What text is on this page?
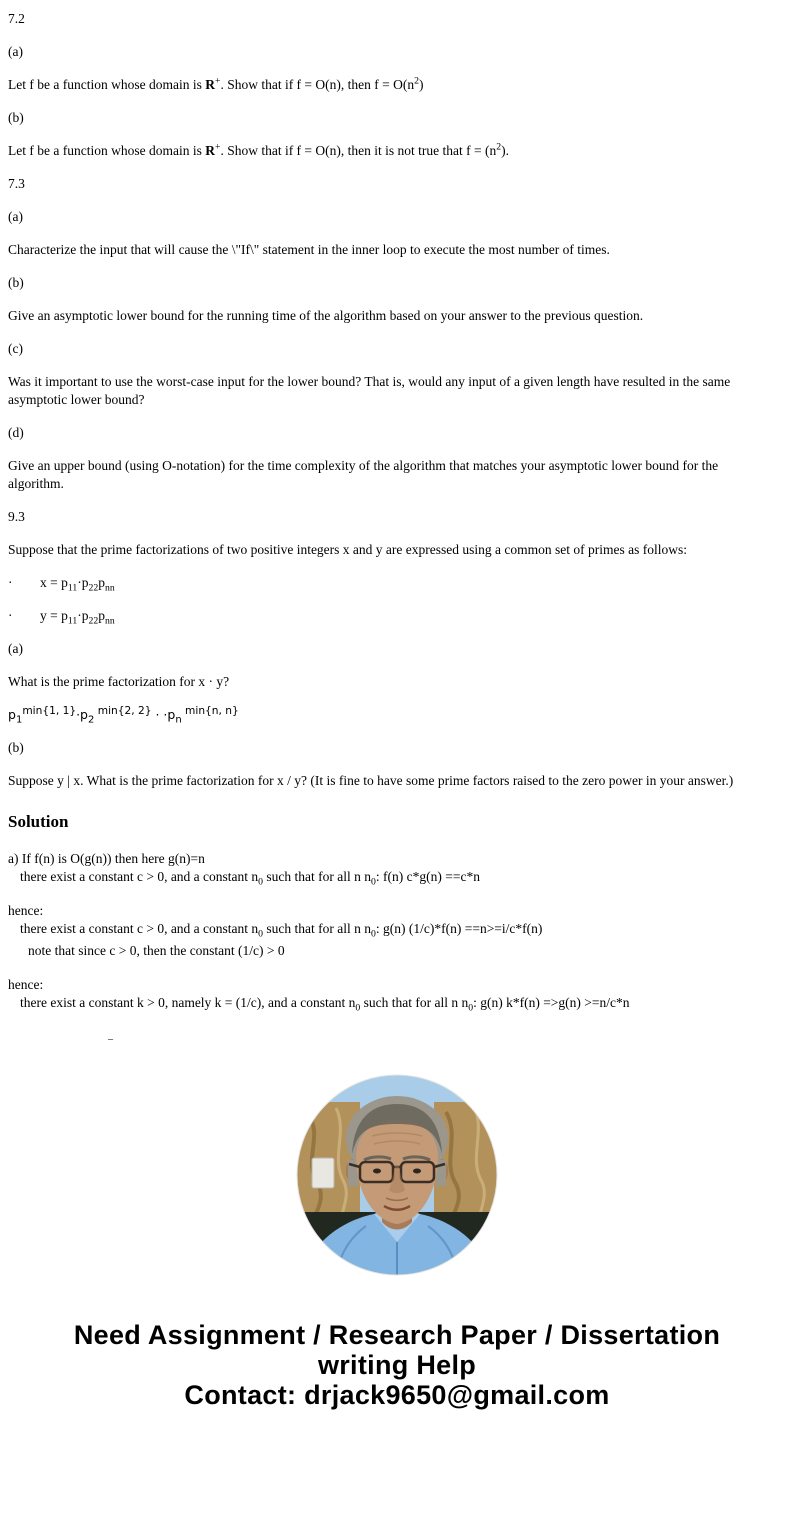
7.2
(a)
Let f be a function whose domain is R+. Show that if f = O(n), then $f = O(n^2)$
(b)
Let f be a function whose domain is R+. Show that if f = O(n), then it is not true that $f = (n^2)$.
7.3
(a)
Characterize the input that will cause the \"If\" statement in the inner loop to execute the most number of times.
(b)
Give an asymptotic lower bound for the running time of the algorithm based on your answer to the previous question.
(c)
Was it important to use the worst-case input for the lower bound? That is, would any input of a given length have resulted in the same asymptotic lower bound?
(d)
Give an upper bound (using O-notation) for the time complexity of the algorithm that matches your asymptotic lower bound for the algorithm.
9.3
Suppose that the prime factorizations of two positive integers x and y are expressed using a common set of primes as follows:
·	$x = p_{11}\cdot p_{22}p_{nn}$
·	$y = p_{11}\cdot p_{22}p_{nn}$
(a)
What is the prime factorization for x · y?
$p_1^{min\{1, 1\}}\cdot p_2$ $^{min\{2, 2\}} \cdot \cdot p_n$ $^{min\{n, n\}}$
(b)
Suppose y | x. What is the prime factorization for x / y? (It is fine to have some prime factors raised to the zero power in your answer.)
Solution
a) If f(n) is O(g(n)) then here g(n)=n
there exist a constant c > 0, and a constant $n_0$ such that for all n $n_0$: f(n) c*g(n) ==c*n
hence:
there exist a constant c > 0, and a constant $n_0$ such that for all n $n_0$: g(n) (1/c)*f(n) ==n>=i/c*f(n)
note that since c > 0, then the constant (1/c) > 0
hence:
there exist a constant k > 0, namely k = (1/c), and a constant $n_0$ such that for all n $n_0$: g(n) k*f(n) =>g(n) >=n/c*n
–
Need Assignment / Research Paper / Dissertation
writing Help
Contact: drjack9650@gmail.com
